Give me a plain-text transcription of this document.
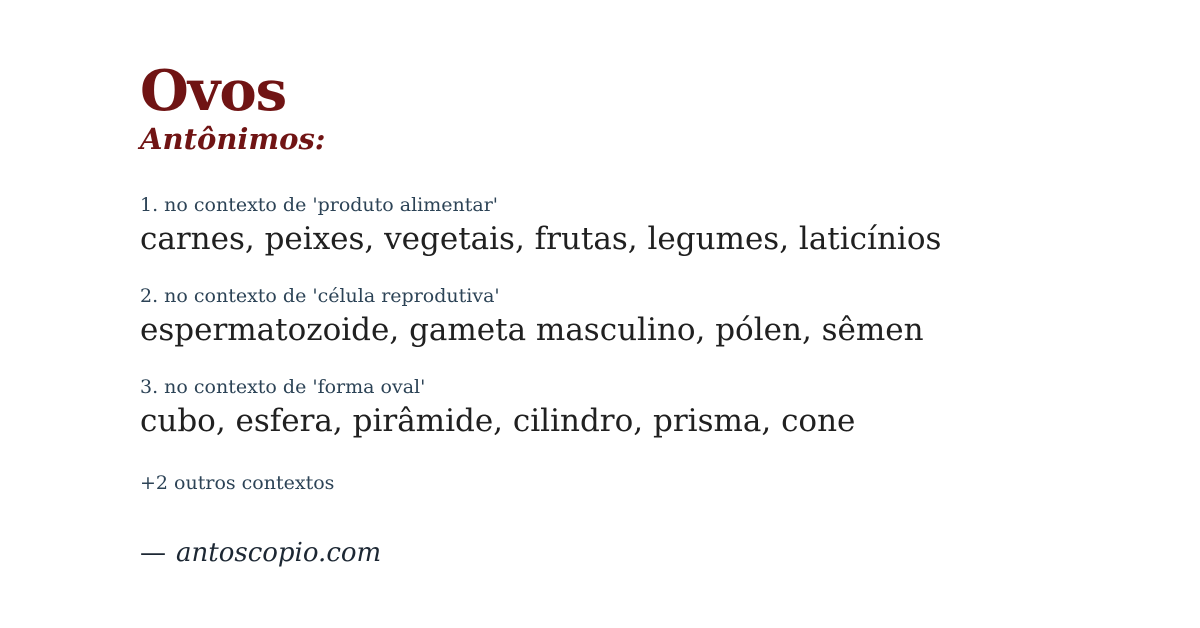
Ovos
Antônimos:
1. no contexto de 'produto alimentar'
carnes, peixes, vegetais, frutas, legumes, laticínios
2. no contexto de 'célula reprodutiva'
espermatozoide, gameta masculino, pólen, sêmen
3. no contexto de 'forma oval'
cubo, esfera, pirâmide, cilindro, prisma, cone
+2 outros contextos
— antoscopio.com
